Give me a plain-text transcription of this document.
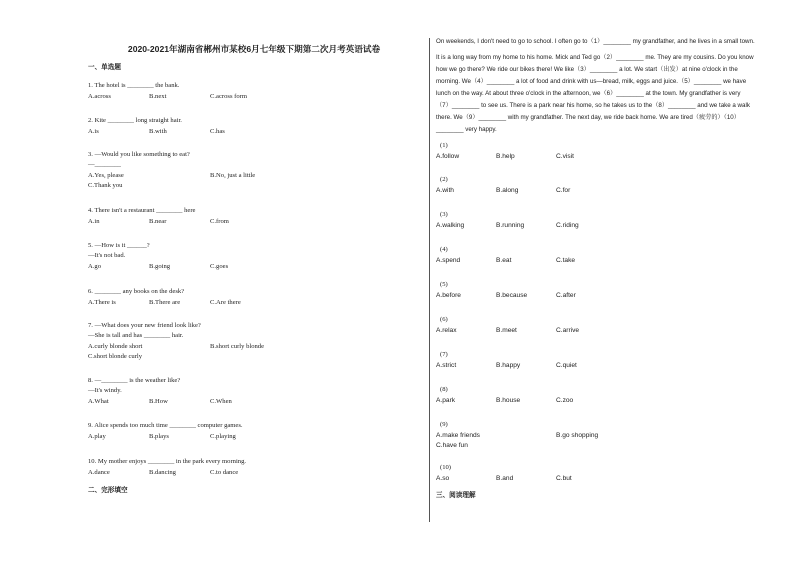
2020-2021年湖南省郴州市某校6月七年级下期第二次月考英语试卷
一、单选题
1. The hotel is ________ the bank.
A.across	B.next	C.across form
2. Kite ________ long straight hair.
A.is	B.with	C.has
3. —Would you like something to eat?
—________
A.Yes, please	B.No, just a little
C.Thank you
4. There isn't a restaurant ________ here
A.in	B.near	C.from
5. —How is it ______?
—It's not bad.
A.go	B.going	C.goes
6. ________ any books on the desk?
A.There is	B.There are	C.Are there
7. —What does your new friend look like?
—She is tall and has ________ hair.
A.curly blonde short	B.short curly blonde
C.short blonde curly
8. —________ is the weather like?
—It's windy.
A.What	B.How	C.When
9. Alice spends too much time ________ computer games.
A.play	B.plays	C.playing
10. My mother enjoys ________ in the park every morning.
A.dance	B.dancing	C.to dance
二、完形填空
On weekends, I don't need to go to school. I often go to（1）________ my grandfather, and he lives in a small town.
It is a long way from my home to his home. Mick and Ted go（2）________ me. They are my cousins. Do you know
how we go there? We ride our bikes there! We like（3）________ a lot. We start（出发）at nine o'clock in the
morning. We（4）________ a lot of food and drink with us—bread, milk, eggs and juice.（5）________ we have
lunch on the way. At about three o'clock in the afternoon, we（6）________ at the town. My grandfather is very
（7）________ to see us. There is a park near his home, so he takes us to the（8）________ and we take a walk
there. We（9）________ with my grandfather. The next day, we ride back home. We are tired（疲劳的）（10）
________ very happy.
(1)
A.follow	B.help	C.visit
(2)
A.with	B.along	C.for
(3)
A.walking	B.running	C.riding
(4)
A.spend	B.eat	C.take
(5)
A.before	B.because	C.after
(6)
A.relax	B.meet	C.arrive
(7)
A.strict	B.happy	C.quiet
(8)
A.park	B.house	C.zoo
(9)
A.make friends	B.go shopping
C.have fun
(10)
A.so	B.and	C.but
三、阅读理解
